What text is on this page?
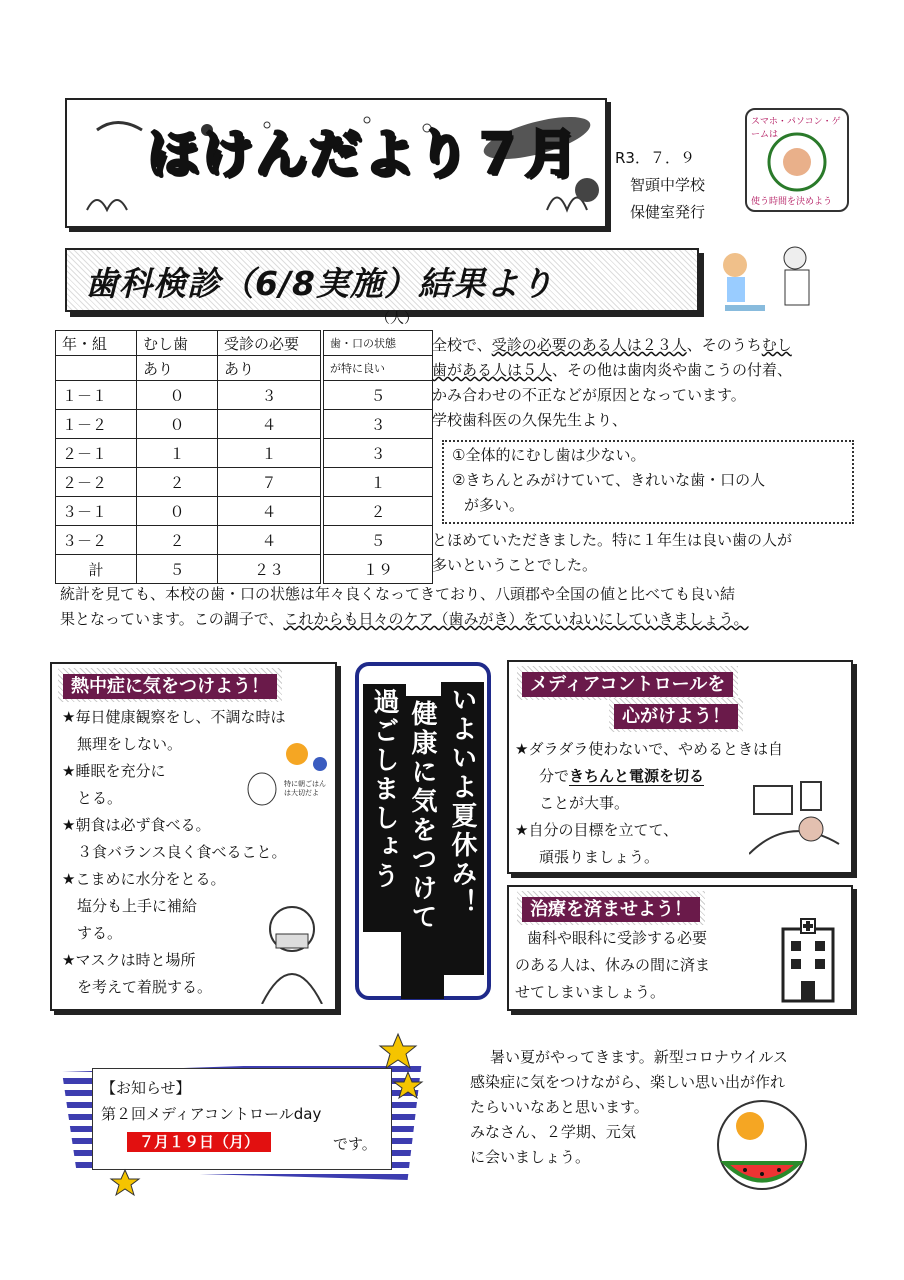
ほけんだより７月 R3．７．９
智頭中学校
保健室発行
スマホ・パソコン・ゲームは
使う時間を決めよう
歯科検診（6/8実施）結果より
（人）
年・組	むし歯	受診の必要	歯・口の状態
	あり	あり	が特に良い
１－１	０	３	５
１－２	０	４	３
２－１	１	１	３
２－２	２	７	１
３－１	０	４	２
３－２	２	４	５
計	５	２３	１９
全校で、受診の必要のある人は２３人、そのうちむし
歯がある人は５人、その他は歯肉炎や歯こうの付着、
かみ合わせの不正などが原因となっています。
学校歯科医の久保先生より、
①全体的にむし歯は少ない。
②きちんとみがけていて、きれいな歯・口の人
が多い。
とほめていただきました。特に１年生は良い歯の人が
多いということでした。
統計を見ても、本校の歯・口の状態は年々良くなってきており、八頭郡や全国の値と比べても良い結
果となっています。この調子で、これからも日々のケア（歯みがき）をていねいにしていきましょう。
熱中症に気をつけよう！
★毎日健康観察をし、不調な時は
　無理をしない。
★睡眠を充分に
　とる。
★朝食は必ず食べる。
　３食バランス良く食べること。
★こまめに水分をとる。
　塩分も上手に補給
　する。
★マスクは時と場所
　を考えて着脱する。
特に朝ごはんは大切だよ	いよいよ夏休み！
健康に気をつけて
過ごしましょう
メディアコントロールを
心がけよう！
★ダラダラ使わないで、やめるときは自
分できちんと電源を切る
ことが大事。
★自分の目標を立てて、
頑張りましょう。
治療を済ませよう！
歯科や眼科に受診する必要
のある人は、休みの間に済ま
せてしまいましょう。
【お知らせ】
第２回メディアコントロールday
７月１９日（月）	です。
暑い夏がやってきます。新型コロナウイルス
感染症に気をつけながら、楽しい思い出が作れ
たらいいなあと思います。
みなさん、２学期、元気
に会いましょう。
